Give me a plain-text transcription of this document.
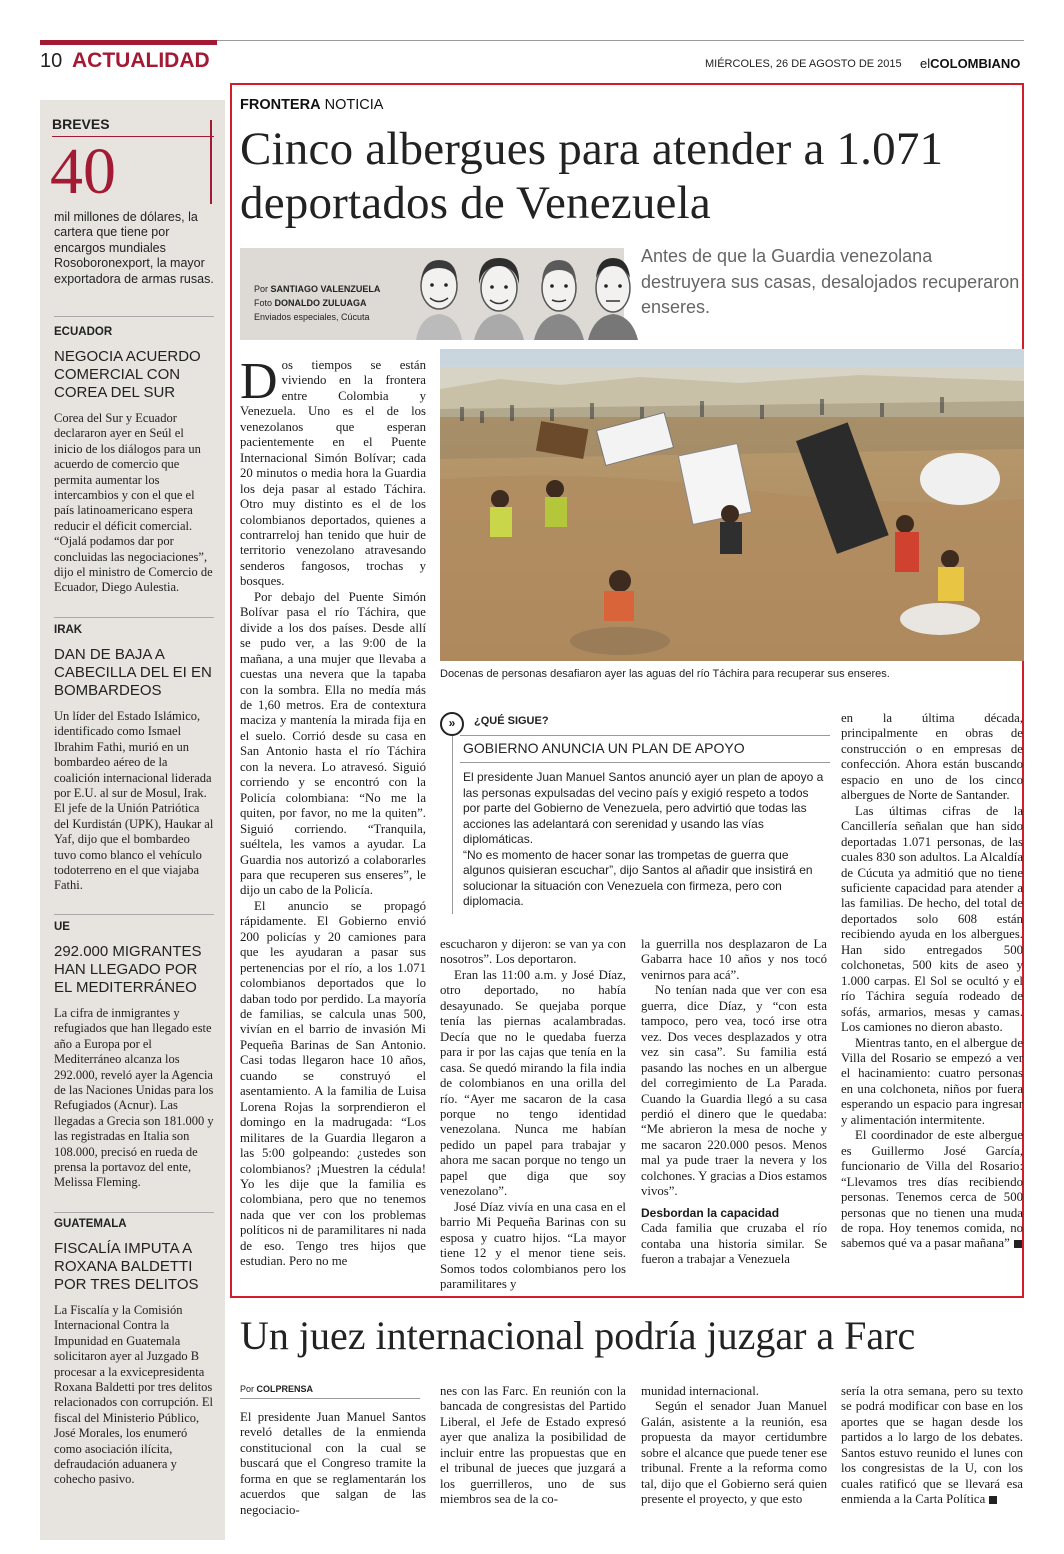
10 ACTUALIDAD	MIÉRCOLES, 26 DE AGOSTO DE 2015 elCOLOMBIANO
BREVES
40
mil millones de dólares, la cartera que tiene por encargos mundiales Rosoboronexport, la mayor exportadora de armas rusas.
ECUADOR
NEGOCIA ACUERDO COMERCIAL CON COREA DEL SUR
Corea del Sur y Ecuador declararon ayer en Seúl el inicio de los diálogos para un acuerdo de comercio que permita aumentar los intercambios y con el que el país latinoamericano espera reducir el déficit comercial. “Ojalá podamos dar por concluidas las negociaciones”, dijo el ministro de Comercio de Ecuador, Diego Aulestia.
IRAK
DAN DE BAJA A CABECILLA DEL EI EN BOMBARDEOS
Un líder del Estado Islámico, identificado como Ismael Ibrahim Fathi, murió en un bombardeo aéreo de la coalición internacional liderada por E.U. al sur de Mosul, Irak. El jefe de la Unión Patriótica del Kurdistán (UPK), Haukar al Yaf, dijo que el bombardeo tuvo como blanco el vehículo todoterreno en el que viajaba Fathi.
UE
292.000 MIGRANTES HAN LLEGADO POR EL MEDITERRÁNEO
La cifra de inmigrantes y refugiados que han llegado este año a Europa por el Mediterráneo alcanza los 292.000, reveló ayer la Agencia de las Naciones Unidas para los Refugiados (Acnur). Las llegadas a Grecia son 181.000 y las registradas en Italia son 108.000, precisó en rueda de prensa la portavoz del ente, Melissa Fleming.
GUATEMALA
FISCALÍA IMPUTA A ROXANA BALDETTI POR TRES DELITOS
La Fiscalía y la Comisión Internacional Contra la Impunidad en Guatemala solicitaron ayer al Juzgado B procesar a la exvicepresidenta Roxana Baldetti por tres delitos relacionados con corrupción. El fiscal del Ministerio Público, José Morales, los enumeró como asociación ilícita, defraudación aduanera y cohecho pasivo.
FRONTERA NOTICIA
Cinco albergues para atender a 1.071 deportados de Venezuela
Por SANTIAGO VALENZUELA
Foto DONALDO ZULUAGA
Enviados especiales, Cúcuta
Antes de que la Guardia venezolana destruyera sus casas, desalojados recuperaron enseres.
Docenas de personas desafiaron ayer las aguas del río Táchira para recuperar sus enseres.

Dos tiempos se están viviendo en la frontera entre Colombia y Venezuela. Uno es el de los venezolanos que esperan pacientemente en el Puente Internacional Simón Bolívar; cada 20 minutos o media hora la Guardia los deja pasar al estado Táchira. Otro muy distinto es el de los colombianos deportados, quienes a contrarreloj han tenido que huir de territorio venezolano atravesando senderos fangosos, trochas y bosques.

Por debajo del Puente Simón Bolívar pasa el río Táchira, que divide a los dos países. Desde allí se pudo ver, a las 9:00 de la mañana, a una mujer que llevaba a cuestas una nevera que la tapaba con la sombra. Ella no medía más de 1,60 metros. Era de contextura maciza y mantenía la mirada fija en el suelo. Corrió desde su casa en San Antonio hasta el río Táchira con la nevera. Lo atravesó. Siguió corriendo y se encontró con la Policía colombiana: “No me la quiten, por favor, no me la quiten”. Siguió corriendo. “Tranquila, suéltela, les vamos a ayudar. La Guardia nos autorizó a colaborarles para que recuperen sus enseres”, le dijo un cabo de la Policía.

El anuncio se propagó rápidamente. El Gobierno envió 200 policías y 20 camiones para que les ayudaran a pasar sus pertenencias por el río, a los 1.071 colombianos deportados que lo daban todo por perdido. La mayoría de familias, se calcula unas 500, vivían en el barrio de invasión Mi Pequeña Barinas de San Antonio. Casi todas llegaron hace 10 años, cuando se construyó el asentamiento. A la familia de Luisa Lorena Rojas la sorprendieron el domingo en la madrugada: “Los militares de la Guardia llegaron a las 5:00 golpeando: ¿ustedes son colombianos? ¡Muestren la cédula! Yo les dije que la familia es colombiana, pero que no tenemos nada que ver con los problemas políticos ni de paramilitares ni nada de eso. Tengo tres hijos que estudian. Pero no me

»	¿QUÉ SIGUE?
GOBIERNO ANUNCIA UN PLAN DE APOYO
El presidente Juan Manuel Santos anunció ayer un plan de apoyo a las personas expulsadas del vecino país y exigió respeto a todos por parte del Gobierno de Venezuela, pero advirtió que todas las acciones las adelantará con serenidad y usando las vías diplomáticas.
“No es momento de hacer sonar las trompetas de guerra que algunos quisieran escuchar”, dijo Santos al añadir que insistirá en solucionar la situación con Venezuela con firmeza, pero con diplomacia.

escucharon y dijeron: se van ya con nosotros”. Los deportaron.

Eran las 11:00 a.m. y José Díaz, otro deportado, no había desayunado. Se quejaba porque tenía las piernas acalambradas. Decía que no le quedaba fuerza para ir por las cajas que tenía en la casa. Se quedó mirando la fila india de colombianos en una orilla del río. “Ayer me sacaron de la casa porque no tengo identidad venezolana. Nunca me habían pedido un papel para trabajar y ahora me sacan porque no tengo un papel que diga que soy venezolano”.

José Díaz vivía en una casa en el barrio Mi Pequeña Barinas con su esposa y cuatro hijos. “La mayor tiene 12 y el menor tiene seis. Somos todos colombianos pero los paramilitares y

la guerrilla nos desplazaron de La Gabarra hace 10 años y nos tocó venirnos para acá”.

No tenían nada que ver con esa guerra, dice Díaz, y “con esta tampoco, pero vea, tocó irse otra vez. Dos veces desplazados y otra vez sin casa”. Su familia está pasando las noches en un albergue del corregimiento de La Parada. Cuando la Guardia llegó a su casa perdió el dinero que le quedaba: “Me abrieron la mesa de noche y me sacaron 220.000 pesos. Menos mal ya pude traer la nevera y los colchones. Y gracias a Dios estamos vivos”.

Desbordan la capacidad

Cada familia que cruzaba el río contaba una historia similar. Se fueron a trabajar a Venezuela

en la última década, principalmente en obras de construcción o en empresas de confección. Ahora están buscando espacio en uno de los cinco albergues de Norte de Santander.

Las últimas cifras de la Cancillería señalan que han sido deportadas 1.071 personas, de las cuales 830 son adultos. La Alcaldía de Cúcuta ya admitió que no tiene suficiente capacidad para atender a las familias. De hecho, del total de deportados solo 608 están recibiendo ayuda en los albergues. Han sido entregados 500 colchonetas, 500 kits de aseo y 1.000 carpas. El Sol se ocultó y el río Táchira seguía rodeado de sofás, armarios, mesas y camas. Los camiones no dieron abasto.

Mientras tanto, en el albergue de Villa del Rosario se empezó a ver el hacinamiento: cuatro personas en una colchoneta, niños por fuera esperando un espacio para ingresar y alimentación intermitente.

El coordinador de este albergue es Guillermo José García, funcionario de Villa del Rosario: “Llevamos tres días recibiendo personas. Tenemos cerca de 500 personas que no tienen una muda de ropa. Hoy tenemos comida, no sabemos qué va a pasar mañana”

Un juez internacional podría juzgar a Farc
Por COLPRENSA

El presidente Juan Manuel Santos reveló detalles de la enmienda constitucional con la cual se buscará que el Congreso tramite la forma en que se reglamentarán los acuerdos que salgan de las negociacio-

nes con las Farc. En reunión con la bancada de congresistas del Partido Liberal, el Jefe de Estado expresó ayer que analiza la posibilidad de incluir entre las propuestas que en el tribunal de jueces que juzgará a los guerrilleros, uno de sus miembros sea de la co-

munidad internacional.

Según el senador Juan Manuel Galán, asistente a la reunión, esa propuesta da mayor certidumbre sobre el alcance que puede tener ese tribunal. Frente a la reforma como tal, dijo que el Gobierno será quien presente el proyecto, y que esto

sería la otra semana, pero su texto se podrá modificar con base en los aportes que se hagan desde los partidos a lo largo de los debates. Santos estuvo reunido el lunes con los congresistas de la U, con los cuales ratificó que se llevará esa enmienda a la Carta Política
